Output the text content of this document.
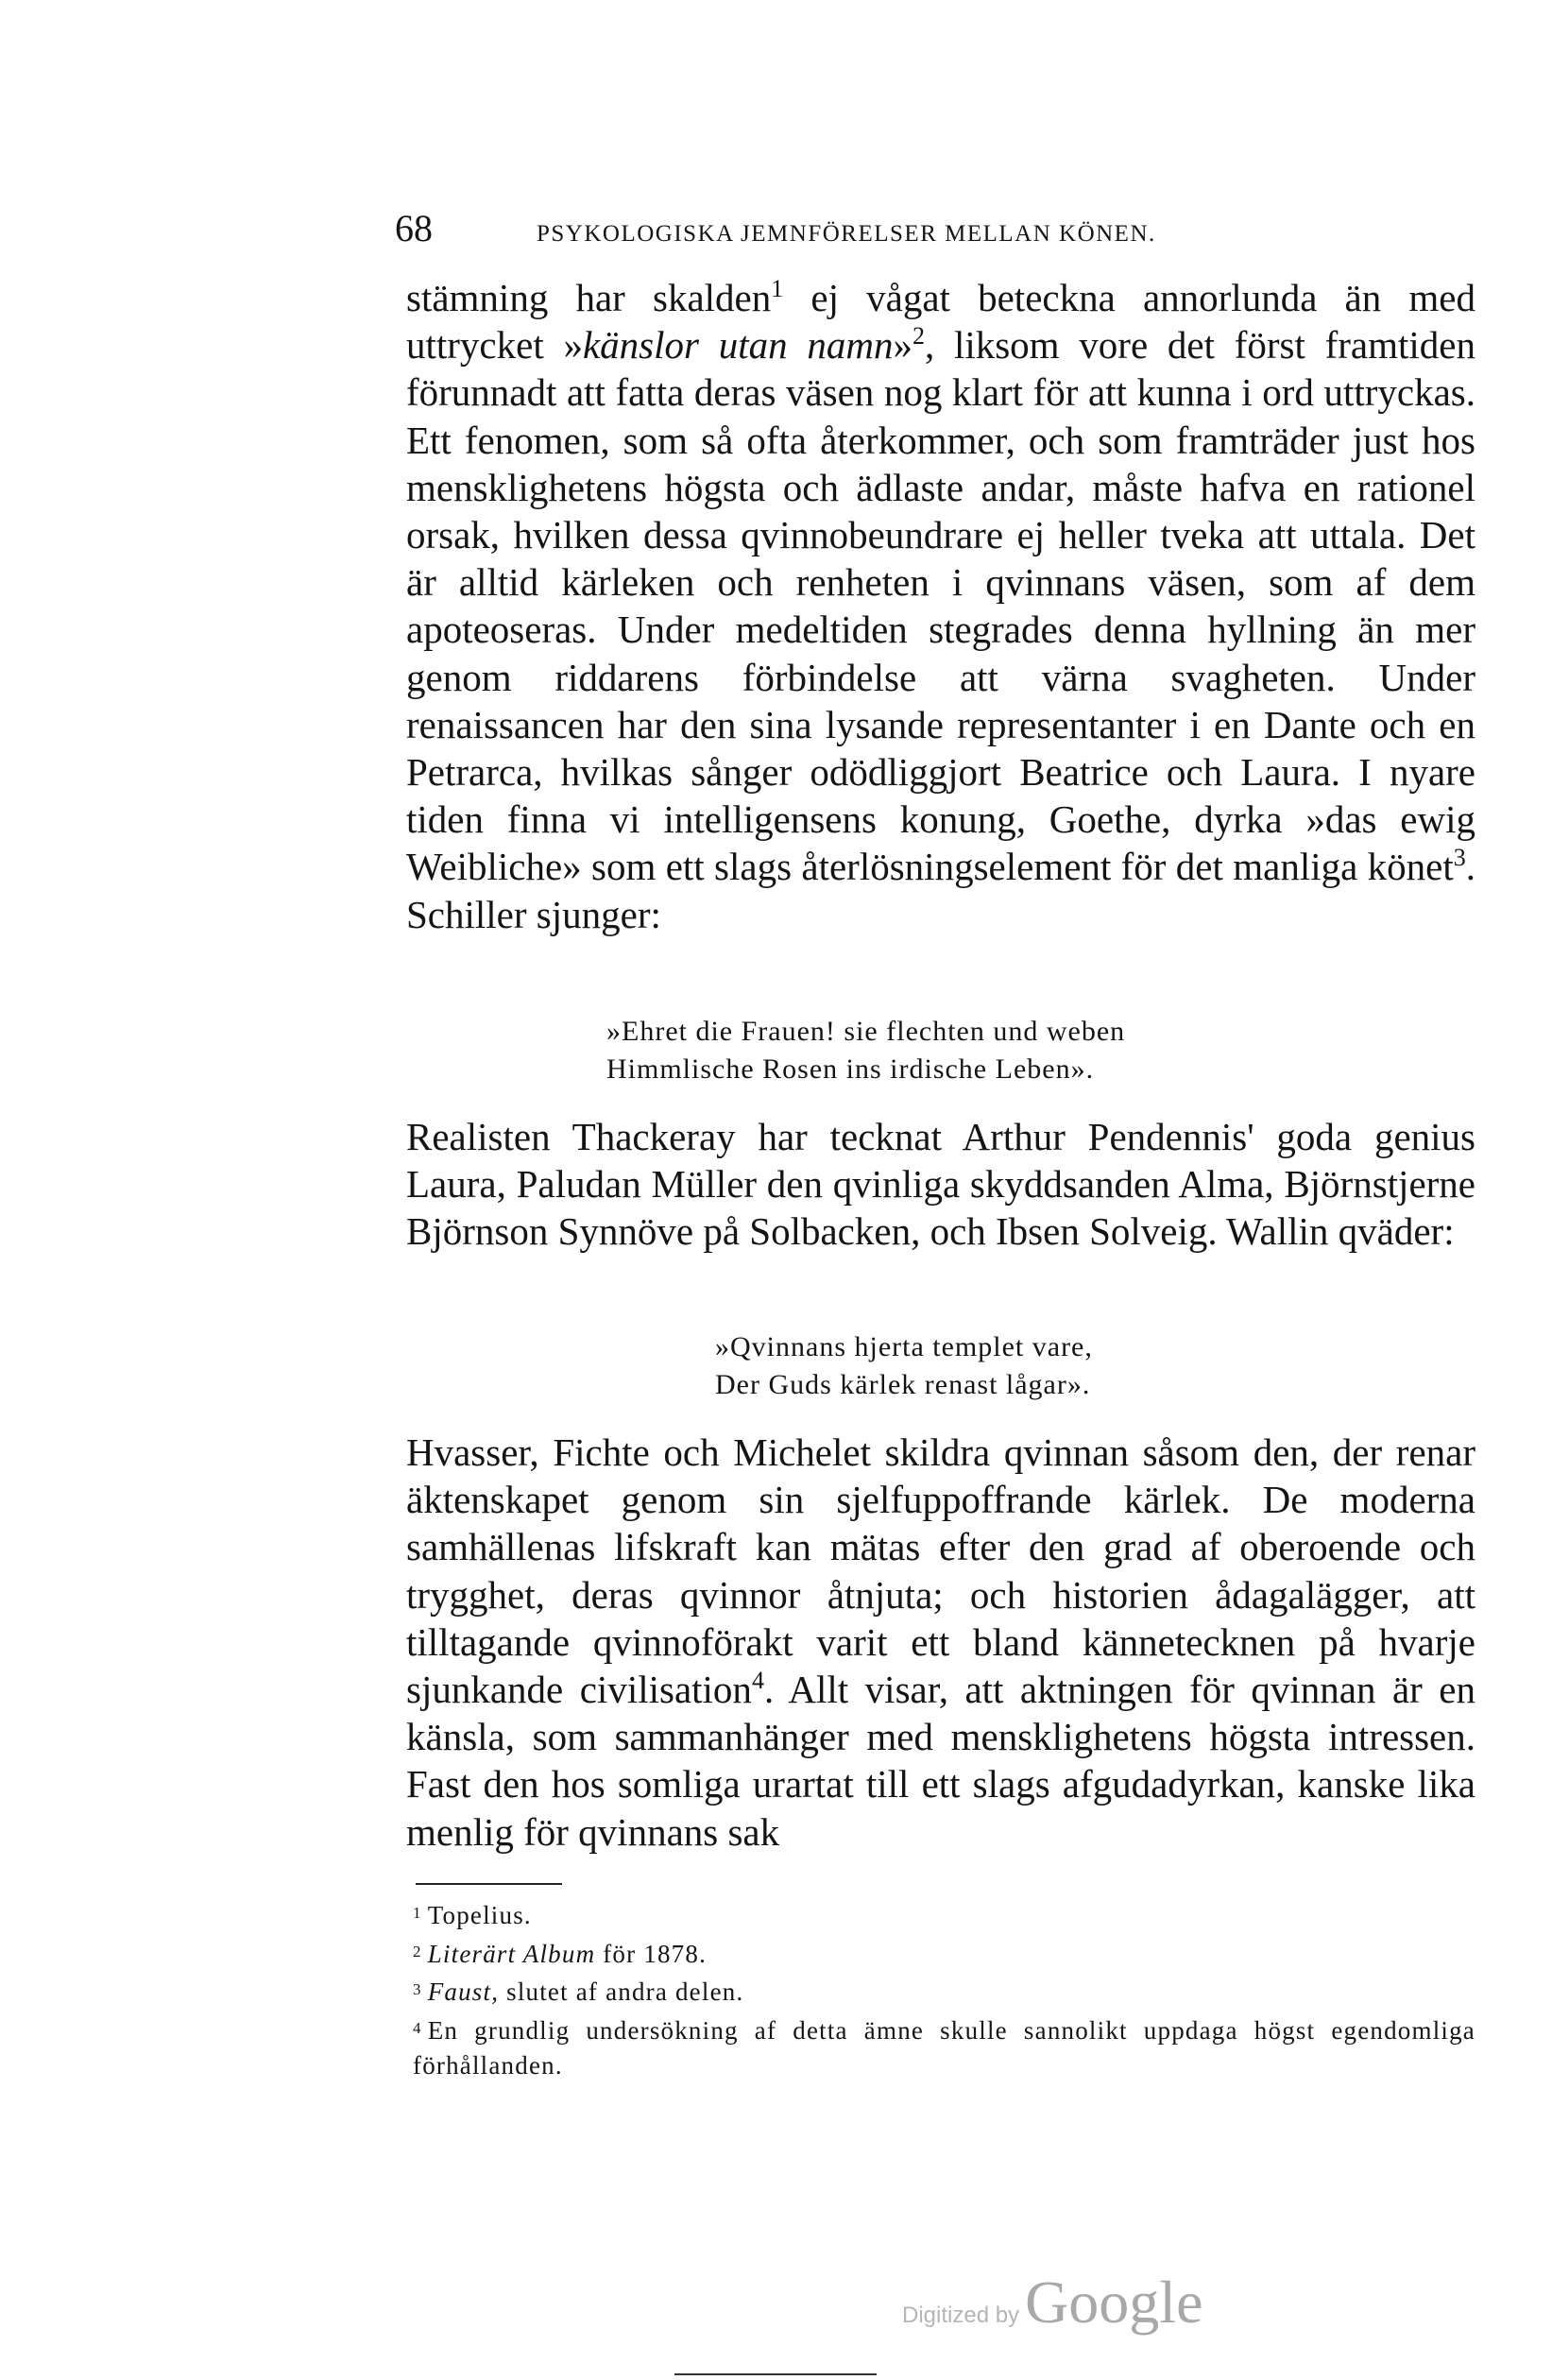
68	PSYKOLOGISKA JEMNFÖRELSER MELLAN KÖNEN.

stämning har skalden$^1$ ej vågat beteckna annorlunda än med uttrycket »känslor utan namn»$^2$, liksom vore det först framtiden förunnadt att fatta deras väsen nog klart för att kunna i ord uttryckas. Ett fenomen, som så ofta återkommer, och som framträder just hos mensklighetens högsta och ädlaste andar, måste hafva en rationel orsak, hvilken dessa qvinnobeundrare ej heller tveka att uttala. Det är alltid kärleken och renheten i qvinnans väsen, som af dem apoteoseras. Under medeltiden stegrades denna hyllning än mer genom riddarens förbindelse att värna svagheten. Under renaissancen har den sina lysande representanter i en Dante och en Petrarca, hvilkas sånger odödliggjort Beatrice och Laura. I nyare tiden finna vi intelligensens konung, Goethe, dyrka »das ewig Weibliche» som ett slags återlösningselement för det manliga könet$^3$. Schiller sjunger:

»Ehret die Frauen! sie flechten und weben
Himmlische Rosen ins irdische Leben».

Realisten Thackeray har tecknat Arthur Pendennis' goda genius Laura, Paludan Müller den qvinliga skyddsanden Alma, Björnstjerne Björnson Synnöve på Solbacken, och Ibsen Solveig. Wallin qväder:

»Qvinnans hjerta templet vare,
Der Guds kärlek renast lågar».

Hvasser, Fichte och Michelet skildra qvinnan såsom den, der renar äktenskapet genom sin sjelfuppoffrande kärlek. De moderna samhällenas lifskraft kan mätas efter den grad af oberoende och trygghet, deras qvinnor åtnjuta; och historien ådagalägger, att tilltagande qvinnoförakt varit ett bland kännetecknen på hvarje sjunkande civilisation$^4$. Allt visar, att aktningen för qvinnan är en känsla, som sammanhänger med mensklighetens högsta intressen. Fast den hos somliga urartat till ett slags afgudadyrkan, kanske lika menlig för qvinnans sak

$^1$ Topelius.

$^2$ Literärt Album för 1878.

$^3$ Faust, slutet af andra delen.

$^4$ En grundlig undersökning af detta ämne skulle sannolikt uppdaga högst egendomliga förhållanden.

Digitized by Google
